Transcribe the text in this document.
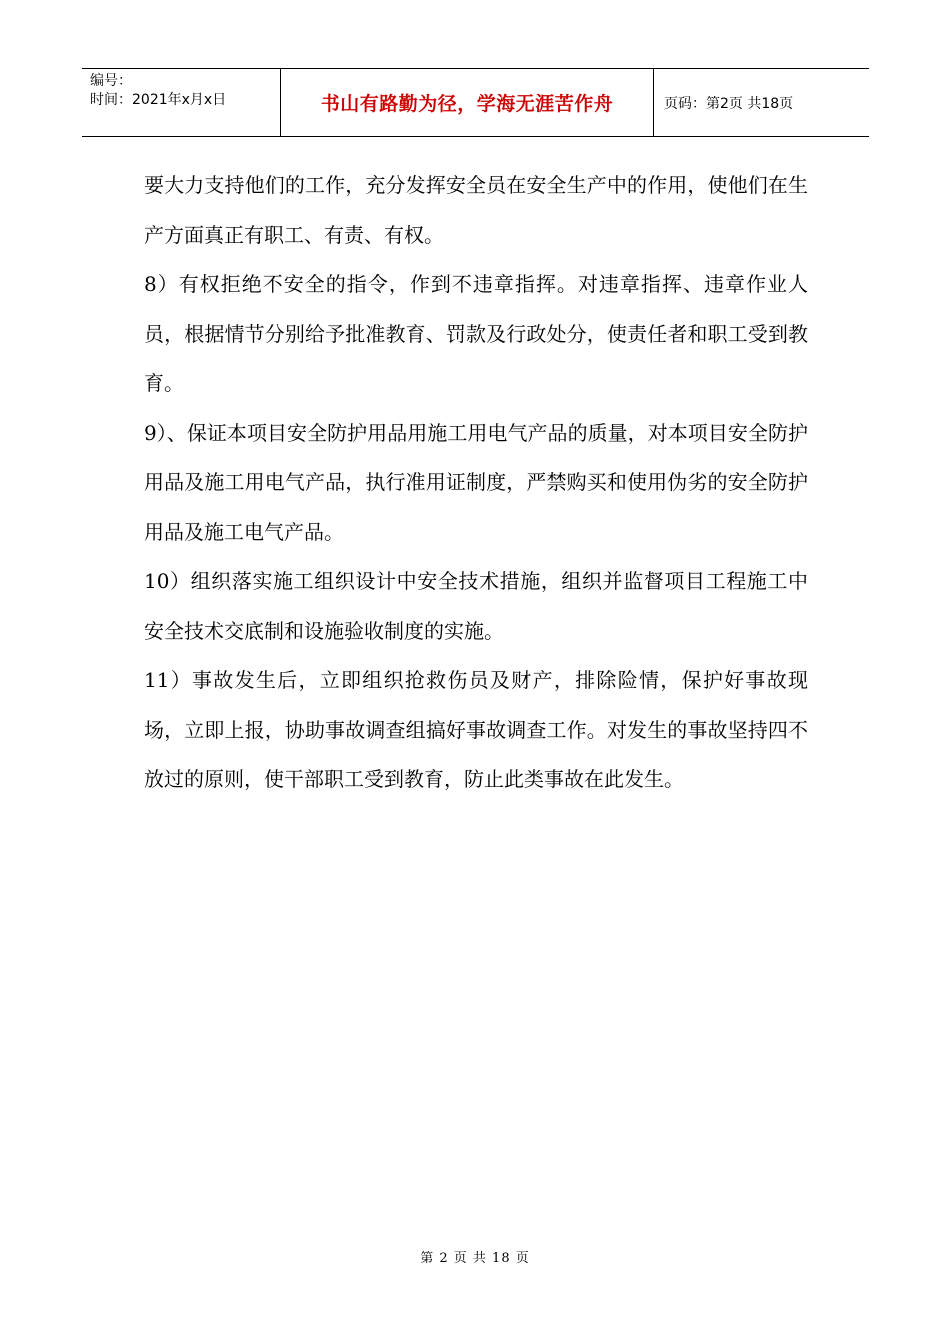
编号：
时间：2021年x月x日	书山有路勤为径，学海无涯苦作舟	页码：第2页 共18页

要大力支持他们的工作，充分发挥安全员在安全生产中的作用，使他们在生产方面真正有职工、有责、有权。

8）有权拒绝不安全的指令，作到不违章指挥。对违章指挥、违章作业人员，根据情节分别给予批准教育、罚款及行政处分，使责任者和职工受到教育。

9）、保证本项目安全防护用品用施工用电气产品的质量，对本项目安全防护用品及施工用电气产品，执行准用证制度，严禁购买和使用伪劣的安全防护用品及施工电气产品。

10）组织落实施工组织设计中安全技术措施，组织并监督项目工程施工中安全技术交底制和设施验收制度的实施。

11）事故发生后，立即组织抢救伤员及财产，排除险情，保护好事故现场，立即上报，协助事故调查组搞好事故调查工作。对发生的事故坚持四不放过的原则，使干部职工受到教育，防止此类事故在此发生。

第 2 页 共 18 页
